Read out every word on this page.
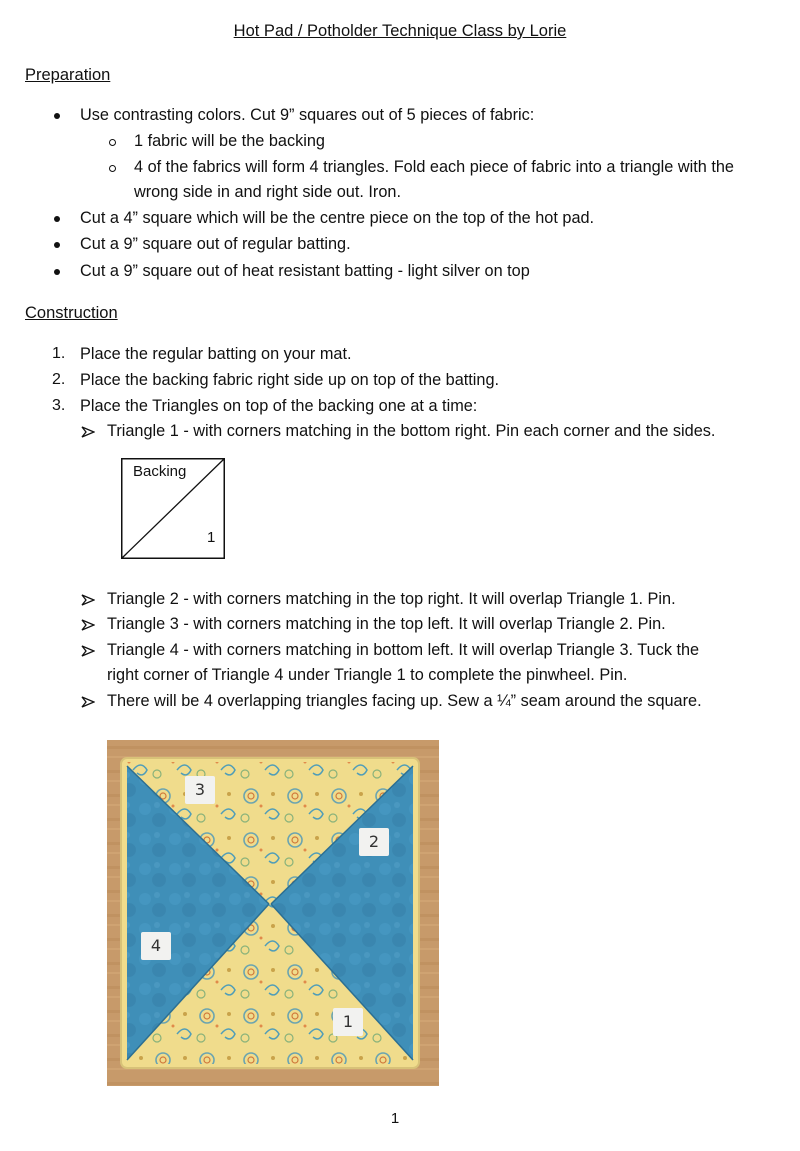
Hot Pad / Potholder Technique Class by Lorie
Preparation
Use contrasting colors. Cut 9” squares out of 5 pieces of fabric:
1 fabric will be the backing
4 of the fabrics will form 4 triangles. Fold each piece of fabric into a triangle with the
wrong side in and right side out. Iron.
Cut a 4” square which will be the centre piece on the top of the hot pad.
Cut a 9” square out of regular batting.
Cut a 9” square out of heat resistant batting - light silver on top
Construction
1. Place the regular batting on your mat.
2. Place the backing fabric right side up on top of the batting.
3. Place the Triangles on top of the backing one at a time:
Triangle 1 - with corners matching in the bottom right. Pin each corner and the sides.
Backing
1
Triangle 2 - with corners matching in the top right. It will overlap Triangle 1. Pin.
Triangle 3 - with corners matching in the top left. It will overlap Triangle 2. Pin.
Triangle 4 - with corners matching in bottom left. It will overlap Triangle 3. Tuck the
right corner of Triangle 4 under Triangle 1 to complete the pinwheel. Pin.
There will be 4 overlapping triangles facing up. Sew a ¼” seam around the square.
3
2
4
1
1
